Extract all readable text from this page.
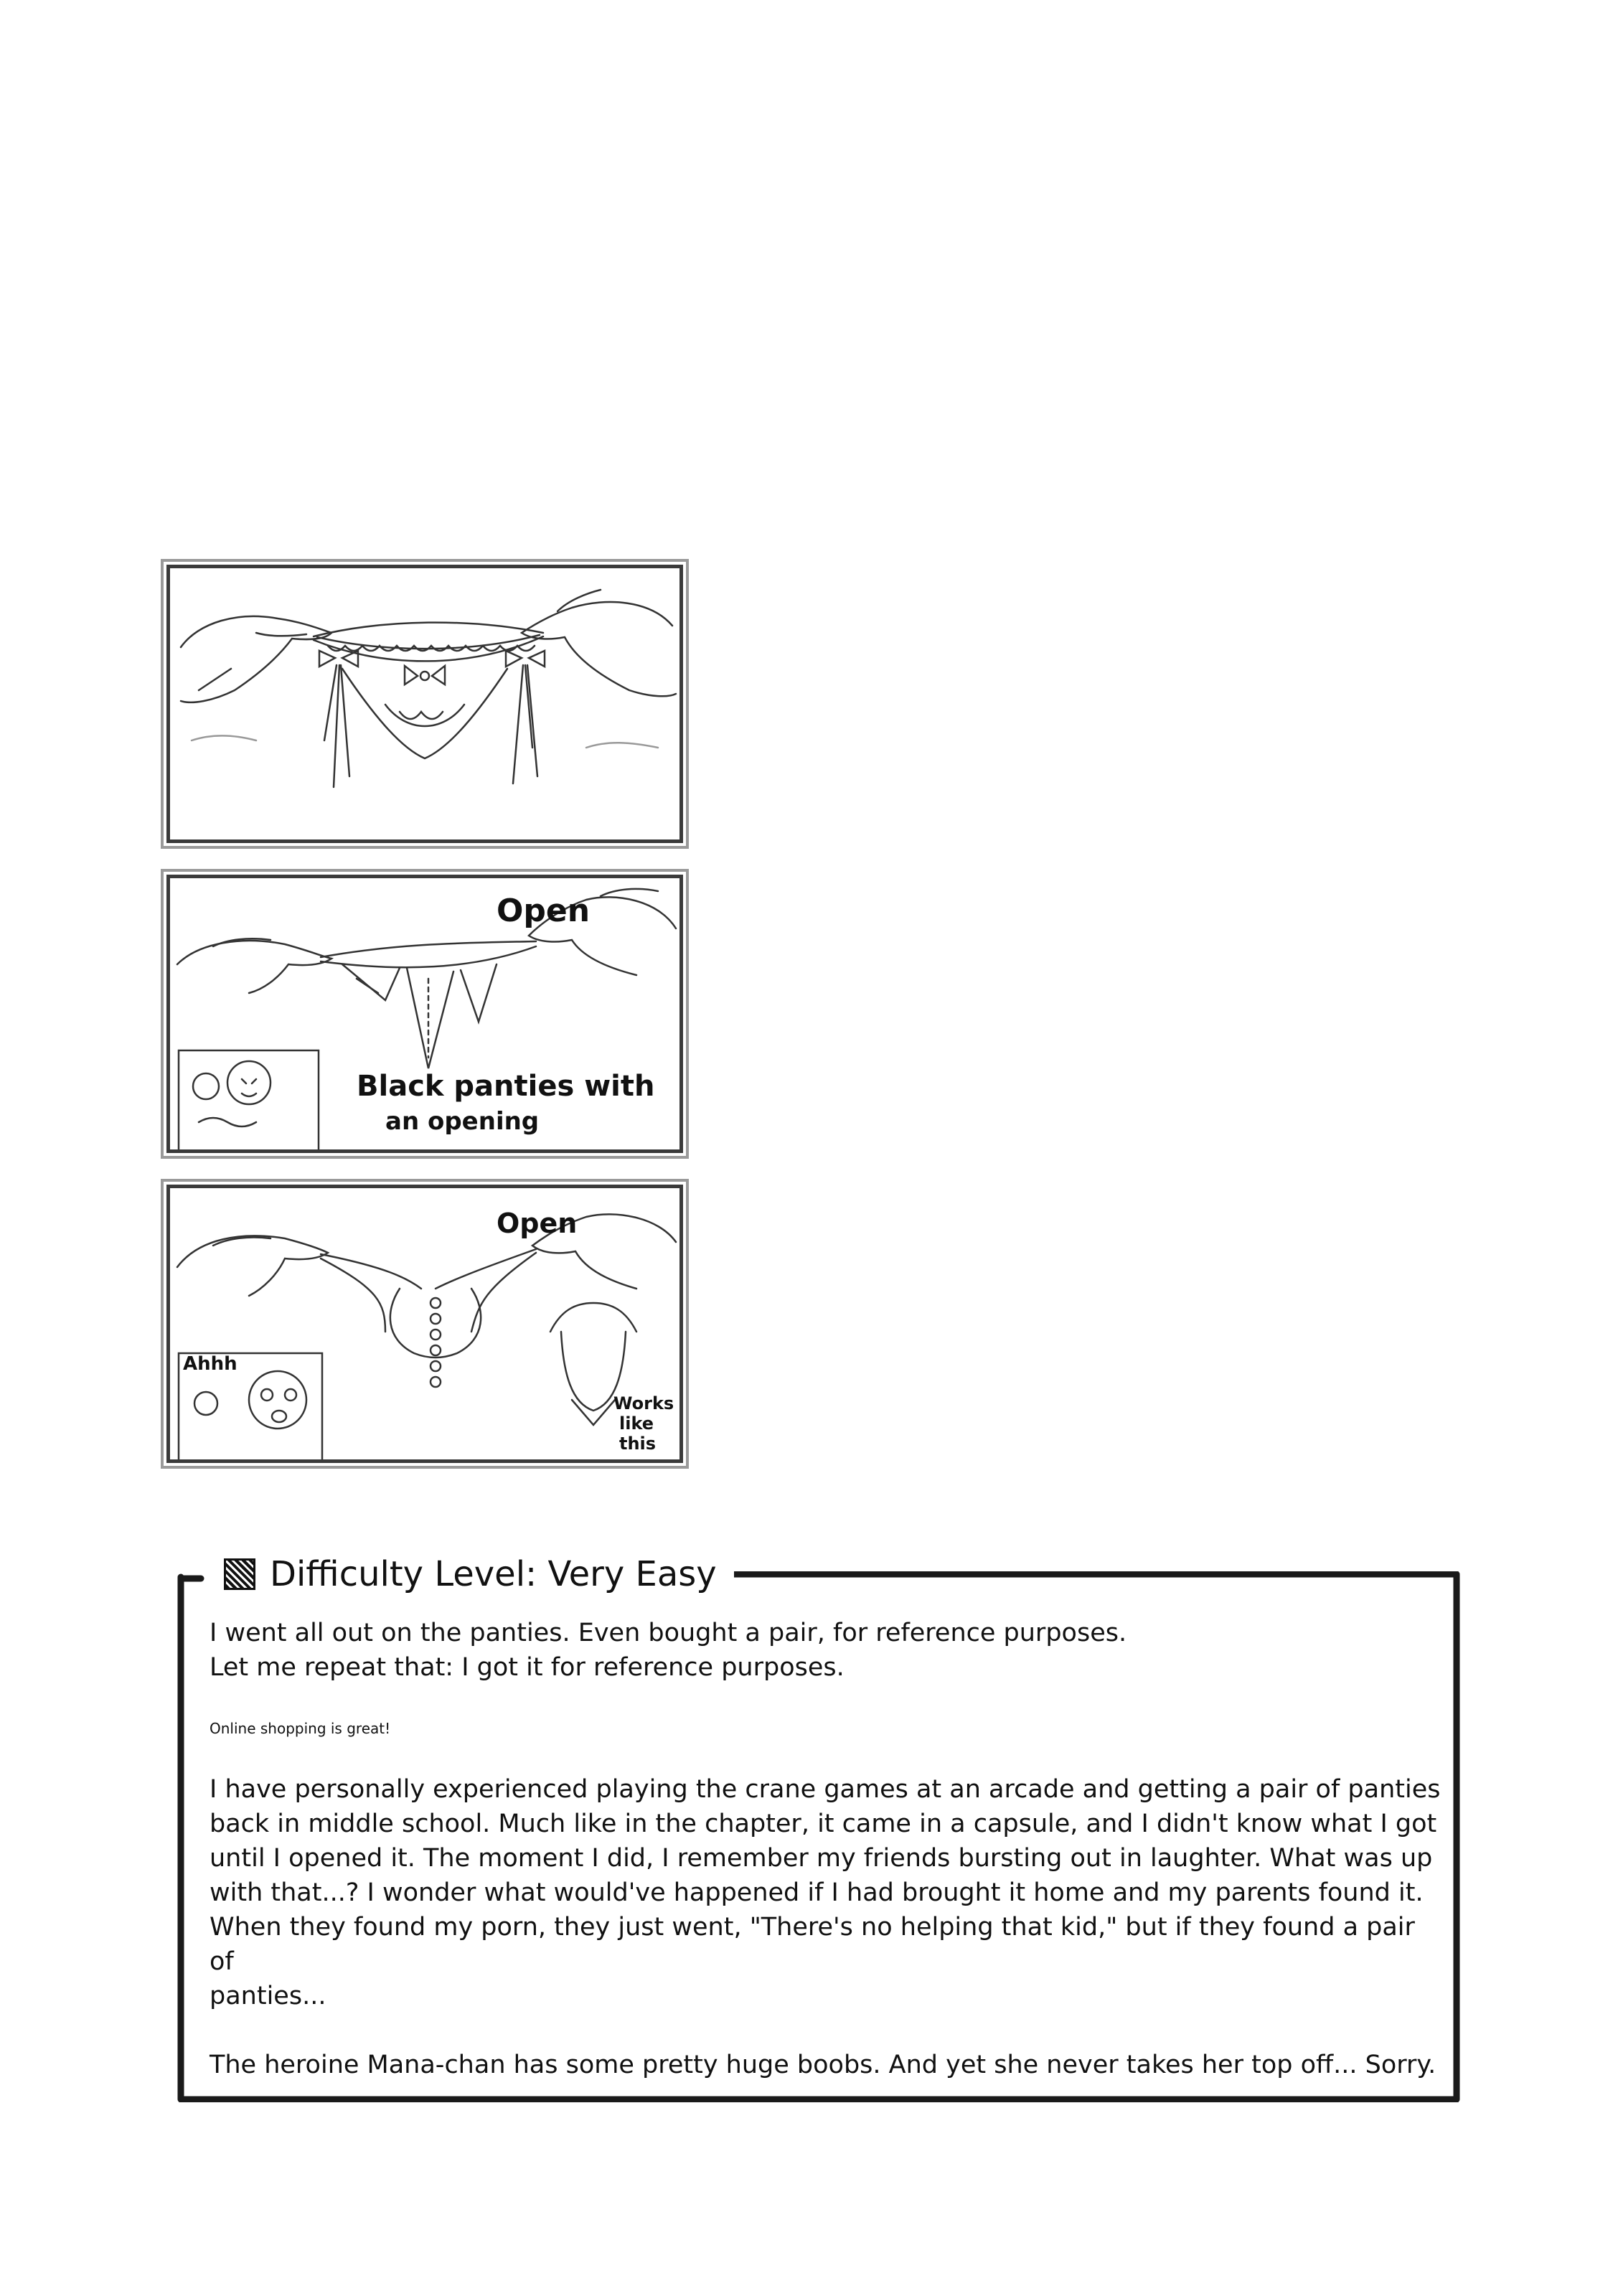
Open
Black panties with
an opening
Open
Ahhh
Works
like
this
Difficulty Level: Very Easy

I went all out on the panties. Even bought a pair, for reference purposes.

Let me repeat that: I got it for reference purposes.

Online shopping is great!

I have personally experienced playing the crane games at an arcade and getting a pair of panties

back in middle school. Much like in the chapter, it came in a capsule, and I didn't know what I got

until I opened it. The moment I did, I remember my friends bursting out in laughter. What was up

with that...? I wonder what would've happened if I had brought it home and my parents found it.

When they found my porn, they just went, "There's no helping that kid," but if they found a pair of

panties...

The heroine Mana-chan has some pretty huge boobs. And yet she never takes her top off... Sorry.
